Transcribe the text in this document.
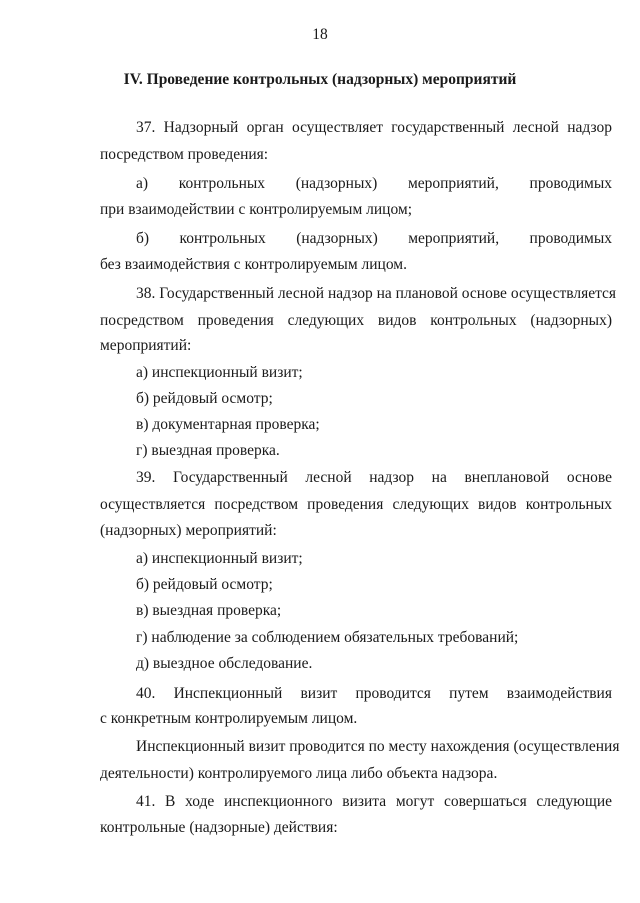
18
IV. Проведение контрольных (надзорных) мероприятий
37. Надзорный орган осуществляет государственный лесной надзор
посредством проведения:
а) контрольных (надзорных) мероприятий, проводимых
при взаимодействии с контролируемым лицом;
б) контрольных (надзорных) мероприятий, проводимых
без взаимодействия с контролируемым лицом.
38. Государственный лесной надзор на плановой основе осуществляется
посредством проведения следующих видов контрольных (надзорных)
мероприятий:
а) инспекционный визит;
б) рейдовый осмотр;
в) документарная проверка;
г) выездная проверка.
39. Государственный лесной надзор на внеплановой основе
осуществляется посредством проведения следующих видов контрольных
(надзорных) мероприятий:
а) инспекционный визит;
б) рейдовый осмотр;
в) выездная проверка;
г) наблюдение за соблюдением обязательных требований;
д) выездное обследование.
40. Инспекционный визит проводится путем взаимодействия
с конкретным контролируемым лицом.
Инспекционный визит проводится по месту нахождения (осуществления
деятельности) контролируемого лица либо объекта надзора.
41. В ходе инспекционного визита могут совершаться следующие
контрольные (надзорные) действия:
